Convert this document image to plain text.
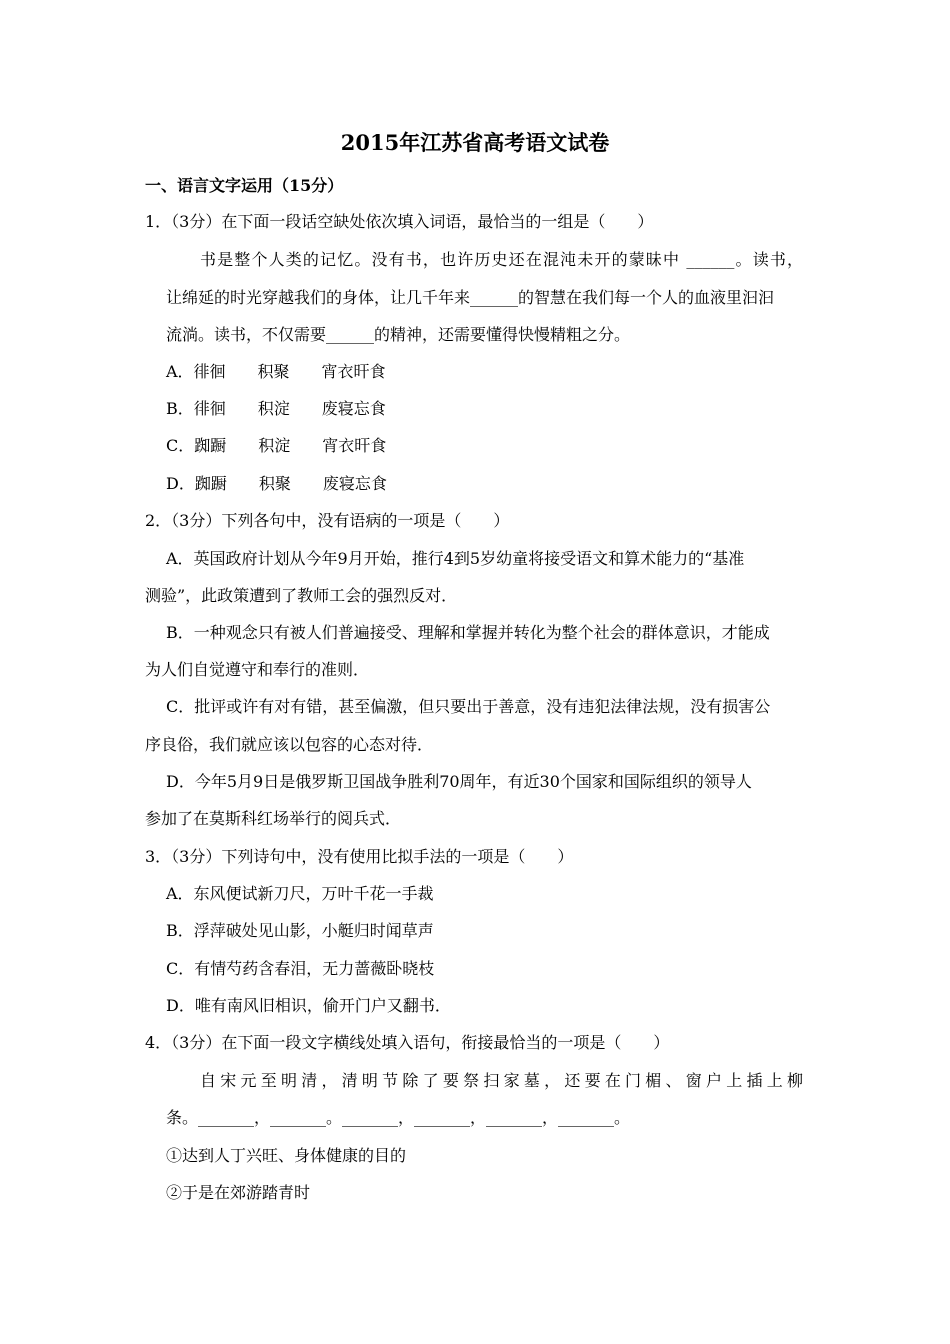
2015年江苏省高考语文试卷
一、语言文字运用（15分）
1．（3分）在下面一段话空缺处依次填入词语，最恰当的一组是（　　）
书是整个人类的记忆。没有书，也许历史还在混沌未开的蒙昧中 ______。读书，
让绵延的时光穿越我们的身体，让几千年来______的智慧在我们每一个人的血液里汩汩
流淌。读书，不仅需要______的精神，还需要懂得快慢精粗之分。
A．徘徊　　积聚　　宵衣旰食
B．徘徊　　积淀　　废寝忘食
C．踟蹰　　积淀　　宵衣旰食
D．踟蹰　　积聚　　废寝忘食
2．（3分）下列各句中，没有语病的一项是（　　）
A．英国政府计划从今年9月开始，推行4到5岁幼童将接受语文和算术能力的“基准
测验”，此政策遭到了教师工会的强烈反对．
B．一种观念只有被人们普遍接受、理解和掌握并转化为整个社会的群体意识，才能成
为人们自觉遵守和奉行的准则．
C．批评或许有对有错，甚至偏激，但只要出于善意，没有违犯法律法规，没有损害公
序良俗，我们就应该以包容的心态对待．
D．今年5月9日是俄罗斯卫国战争胜利70周年，有近30个国家和国际组织的领导人
参加了在莫斯科红场举行的阅兵式．
3．（3分）下列诗句中，没有使用比拟手法的一项是（　　）
A．东风便试新刀尺，万叶千花一手裁
B．浮萍破处见山影，小艇归时闻草声
C．有情芍药含春泪，无力蔷薇卧晓枝
D．唯有南风旧相识，偷开门户又翻书．
4．（3分）在下面一段文字横线处填入语句，衔接最恰当的一项是（　　）
自宋元至明清，清明节除了要祭扫家墓，还要在门楣、窗户上插上柳
条。_______，_______。_______，_______，_______，_______。
①达到人丁兴旺、身体健康的目的
②于是在郊游踏青时
